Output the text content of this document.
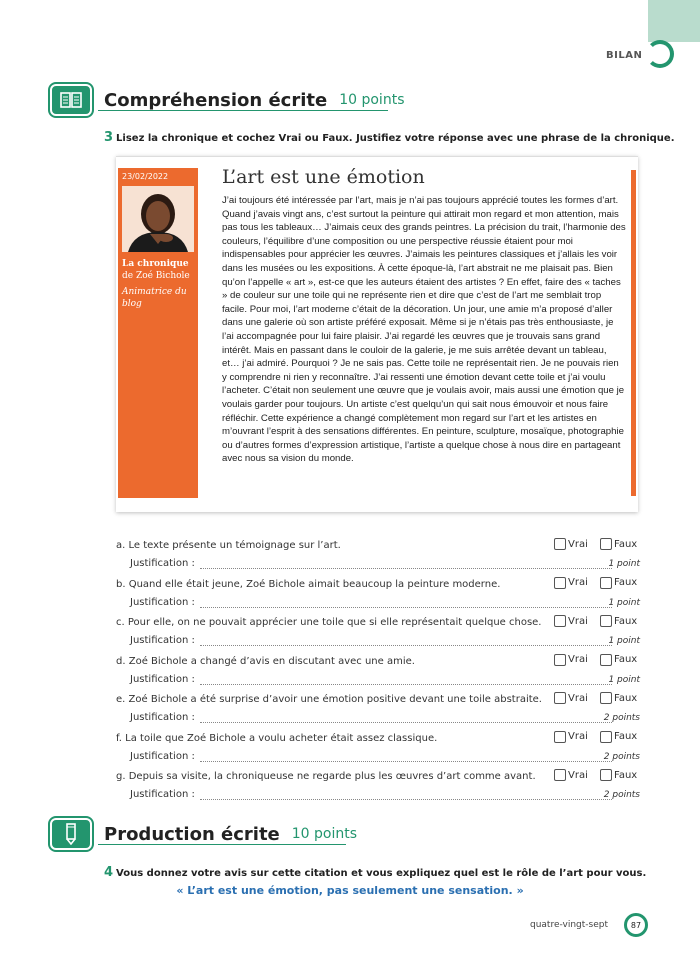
BILAN
Compréhension écrite 10 points
3 Lisez la chronique et cochez Vrai ou Faux. Justifiez votre réponse avec une phrase de la chronique.
23/02/2022
La chronique
de Zoé Bichole
Animatrice du blog
L’art est une émotion
J’ai toujours été intéressée par l’art, mais je n’ai pas toujours apprécié toutes les formes d’art. Quand j’avais vingt ans, c’est surtout la peinture qui attirait mon regard et mon attention, mais pas tous les tableaux… J’aimais ceux des grands peintres. La précision du trait, l’harmonie des couleurs, l’équilibre d’une composition ou une perspective réussie étaient pour moi indispensables pour apprécier les œuvres. J’aimais les peintures classiques et j’allais les voir dans les musées ou les expositions. À cette époque-là, l’art abstrait ne me plaisait pas. Bien qu’on l’appelle « art », est-ce que les auteurs étaient des artistes ? En effet, faire des « taches » de couleur sur une toile qui ne représente rien et dire que c’est de l’art me semblait trop facile. Pour moi, l’art moderne c’était de la décoration. Un jour, une amie m’a proposé d’aller dans une galerie où son artiste préféré exposait. Même si je n’étais pas très enthousiaste, je l’ai accompagnée pour lui faire plaisir. J’ai regardé les œuvres que je trouvais sans grand intérêt. Mais en passant dans le couloir de la galerie, je me suis arrêtée devant un tableau, et… j’ai admiré. Pourquoi ? Je ne sais pas. Cette toile ne représentait rien. Je ne pouvais rien y comprendre ni rien y reconnaître. J’ai ressenti une émotion devant cette toile et j’ai voulu l’acheter. C’était non seulement une œuvre que je voulais avoir, mais aussi une émotion que je voulais garder pour toujours. Un artiste c’est quelqu’un qui sait nous émouvoir et nous faire réfléchir. Cette expérience a changé complètement mon regard sur l’art et les artistes en m’ouvrant l’esprit à des sensations différentes. En peinture, sculpture, mosaïque, photographie ou d’autres formes d’expression artistique, l’artiste a quelque chose à nous dire en partageant avec nous sa vision du monde.
a. Le texte présente un témoignage sur l’art.	Vrai	Faux
Justification :	1 point
b. Quand elle était jeune, Zoé Bichole aimait beaucoup la peinture moderne.	Vrai	Faux
Justification :	1 point
c. Pour elle, on ne pouvait apprécier une toile que si elle représentait quelque chose.	Vrai	Faux
Justification :	1 point
d. Zoé Bichole a changé d’avis en discutant avec une amie.	Vrai	Faux
Justification :	1 point
e. Zoé Bichole a été surprise d’avoir une émotion positive devant une toile abstraite.	Vrai	Faux
Justification :	2 points
f. La toile que Zoé Bichole a voulu acheter était assez classique.	Vrai	Faux
Justification :	2 points
g. Depuis sa visite, la chroniqueuse ne regarde plus les œuvres d’art comme avant.	Vrai	Faux
Justification :	2 points
Production écrite 10 points
4 Vous donnez votre avis sur cette citation et vous expliquez quel est le rôle de l’art pour vous.
« L’art est une émotion, pas seulement une sensation. »
quatre-vingt-sept	87
